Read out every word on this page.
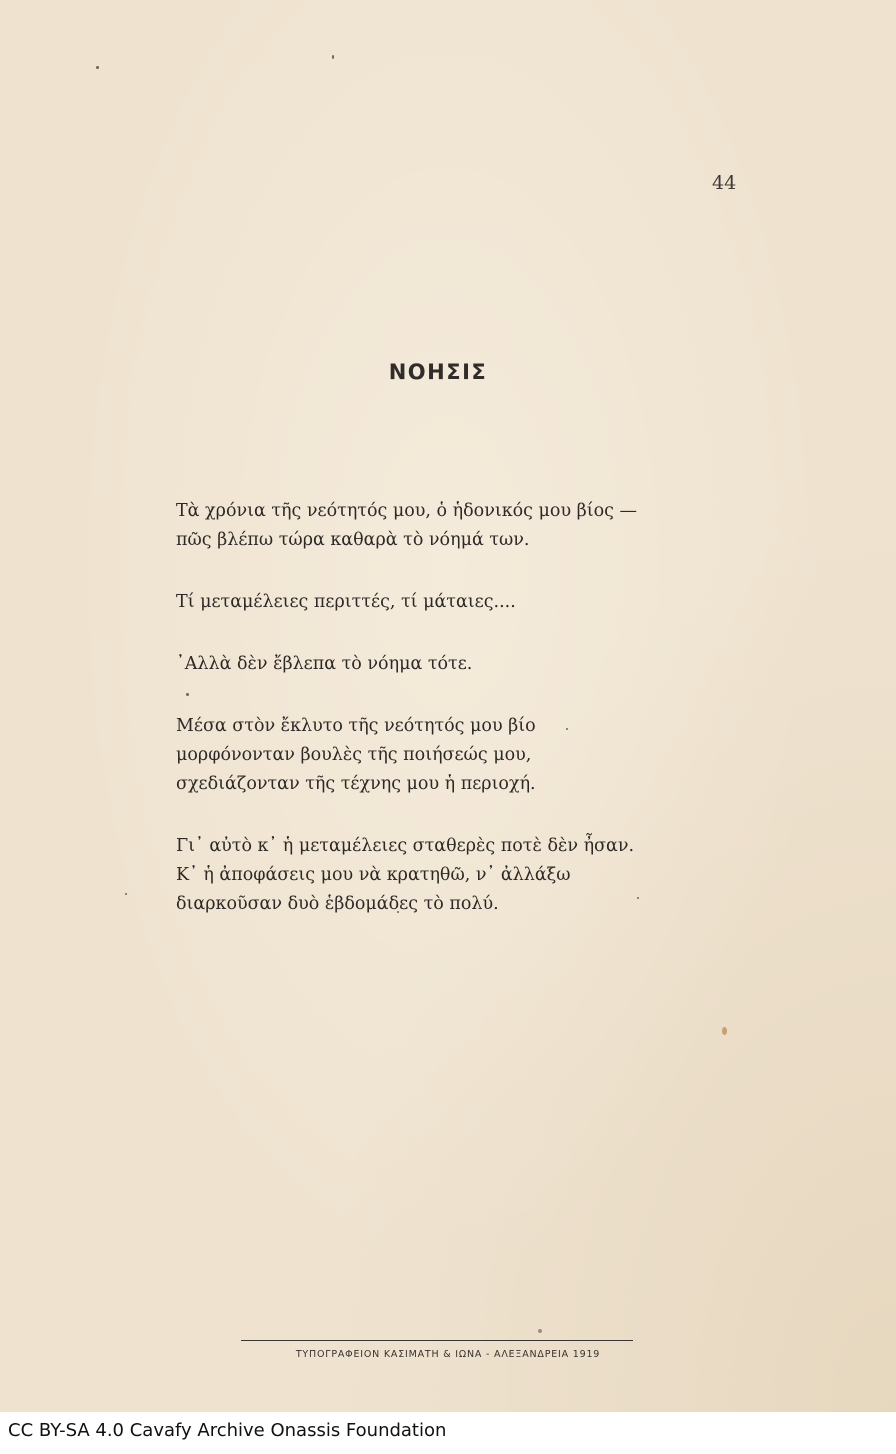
44
ΝΟΗΣΙΣ
Τὰ χρόνια τῆς νεότητός μου, ὁ ἡδονικός μου βίος —
πῶς βλέπω τώρα καθαρὰ τὸ νόημά των.
Τί μεταμέλειες περιττές, τί μάταιες....
᾿Αλλὰ δὲν ἔβλεπα τὸ νόημα τότε.
Μέσα στὸν ἔκλυτο τῆς νεότητός μου βίο
μορφόνονταν βουλὲς τῆς ποιήσεώς μου,
σχεδιάζονταν τῆς τέχνης μου ἡ περιοχή.
Γι᾿ αὐτὸ κ᾿ ἡ μεταμέλειες σταθερὲς ποτὲ δὲν ἦσαν.
Κ᾿ ἡ ἀποφάσεις μου νὰ κρατηθῶ, ν᾿ ἀλλάξω
διαρκοῦσαν δυὸ ἑβδομάδες τὸ πολύ.
ΤΥΠΟΓΡΑΦΕΙΟΝ ΚΑΣΙΜΑΤΗ & ΙΩΝΑ - ΑΛΕΞΑΝΔΡΕΙΑ 1919
CC BY-SA 4.0 Cavafy Archive Onassis Foundation
